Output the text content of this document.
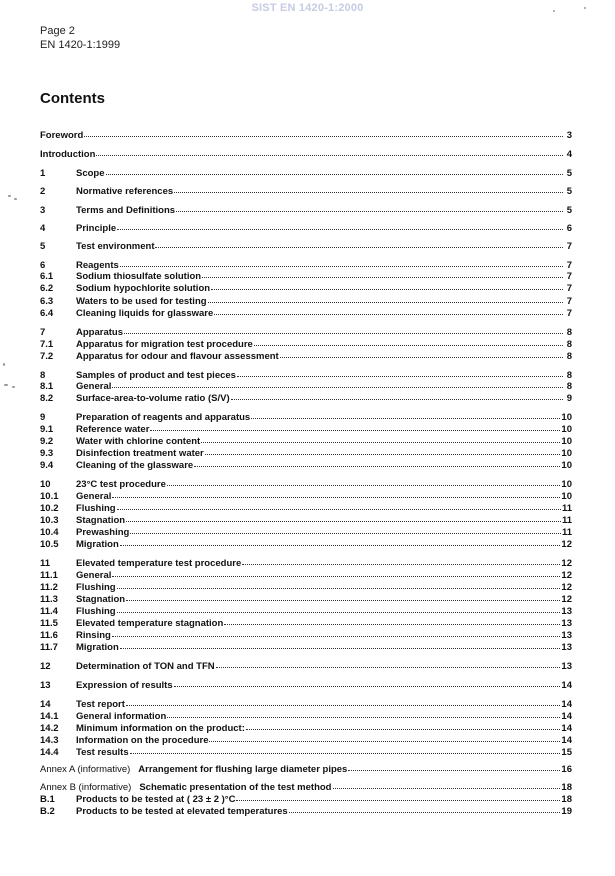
SIST EN 1420-1:2000
Page 2
EN 1420-1:1999
Contents
Foreword	3
Introduction	4
1	Scope	5
2	Normative references	5
3	Terms and Definitions	5
4	Principle	6
5	Test environment	7
6	Reagents	7
6.1	Sodium thiosulfate solution	7
6.2	Sodium hypochlorite solution	7
6.3	Waters to be used for testing	7
6.4	Cleaning liquids for glassware	7
7	Apparatus	8
7.1	Apparatus for migration test procedure	8
7.2	Apparatus for odour and flavour assessment	8
8	Samples of product and test pieces	8
8.1	General	8
8.2	Surface-area-to-volume ratio (S/V)	9
9	Preparation of reagents and apparatus	10
9.1	Reference water	10
9.2	Water with chlorine content	10
9.3	Disinfection treatment water	10
9.4	Cleaning of the glassware	10
10	23°C test procedure	10
10.1	General	10
10.2	Flushing	11
10.3	Stagnation	11
10.4	Prewashing	11
10.5	Migration	12
11	Elevated temperature test procedure	12
11.1	General	12
11.2	Flushing	12
11.3	Stagnation	12
11.4	Flushing	13
11.5	Elevated temperature stagnation	13
11.6	Rinsing	13
11.7	Migration	13
12	Determination of TON and TFN	13
13	Expression of results	14
14	Test report	14
14.1	General information	14
14.2	Minimum information on the product:	14
14.3	Information on the procedure	14
14.4	Test results	15
Annex A (informative) Arrangement for flushing large diameter pipes	16
Annex B (informative) Schematic presentation of the test method	18
B.1	Products to be tested at ( 23 ± 2 )°C	18
B.2	Products to be tested at elevated temperatures	19
